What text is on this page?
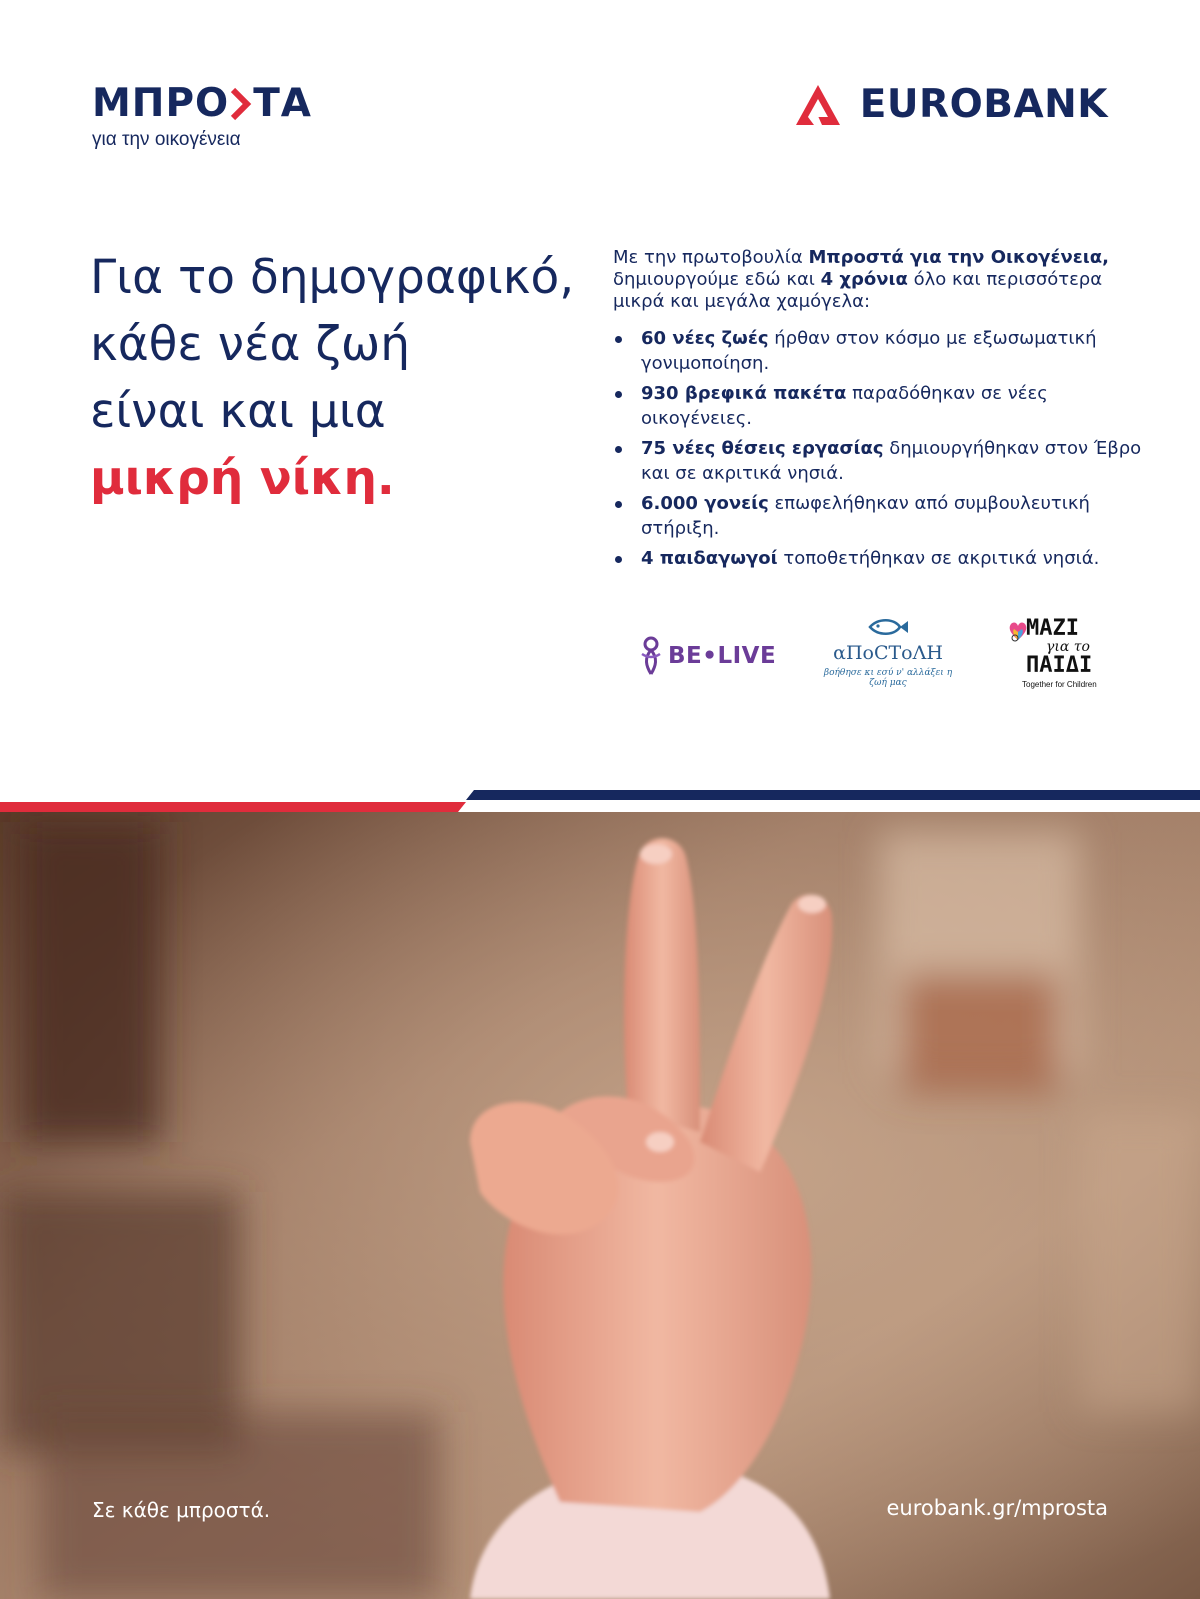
ΜΠΡΟ ΤΑ
για την οικογένεια
EUROBANK
Για το δημογραφικό,
κάθε νέα ζωή
είναι και μια
μικρή νίκη.

Με την πρωτοβουλία Μπροστά για την Οικογένεια, δημιουργούμε εδώ και 4 χρόνια όλο και περισσότερα μικρά και μεγάλα χαμόγελα:

60 νέες ζωές ήρθαν στον κόσμο με εξωσωματική γονιμοποίηση.
930 βρεφικά πακέτα παραδόθηκαν σε νέες οικογένειες.
75 νέες θέσεις εργασίας δημιουργήθηκαν στον Έβρο και σε ακριτικά νησιά.
6.000 γονείς επωφελήθηκαν από συμβουλευτική στήριξη.
4 παιδαγωγοί τοποθετήθηκαν σε ακριτικά νησιά.
BE•LIVE	αΠοСΤοΛΗ
βοήθησε κι εσύ ν' αλλάξει η ζωή μας
ΜΑΖΙ
για το
ΠΑΙΔΙ
Together for Children
Σε κάθε μπροστά.	eurobank.gr/mprosta
